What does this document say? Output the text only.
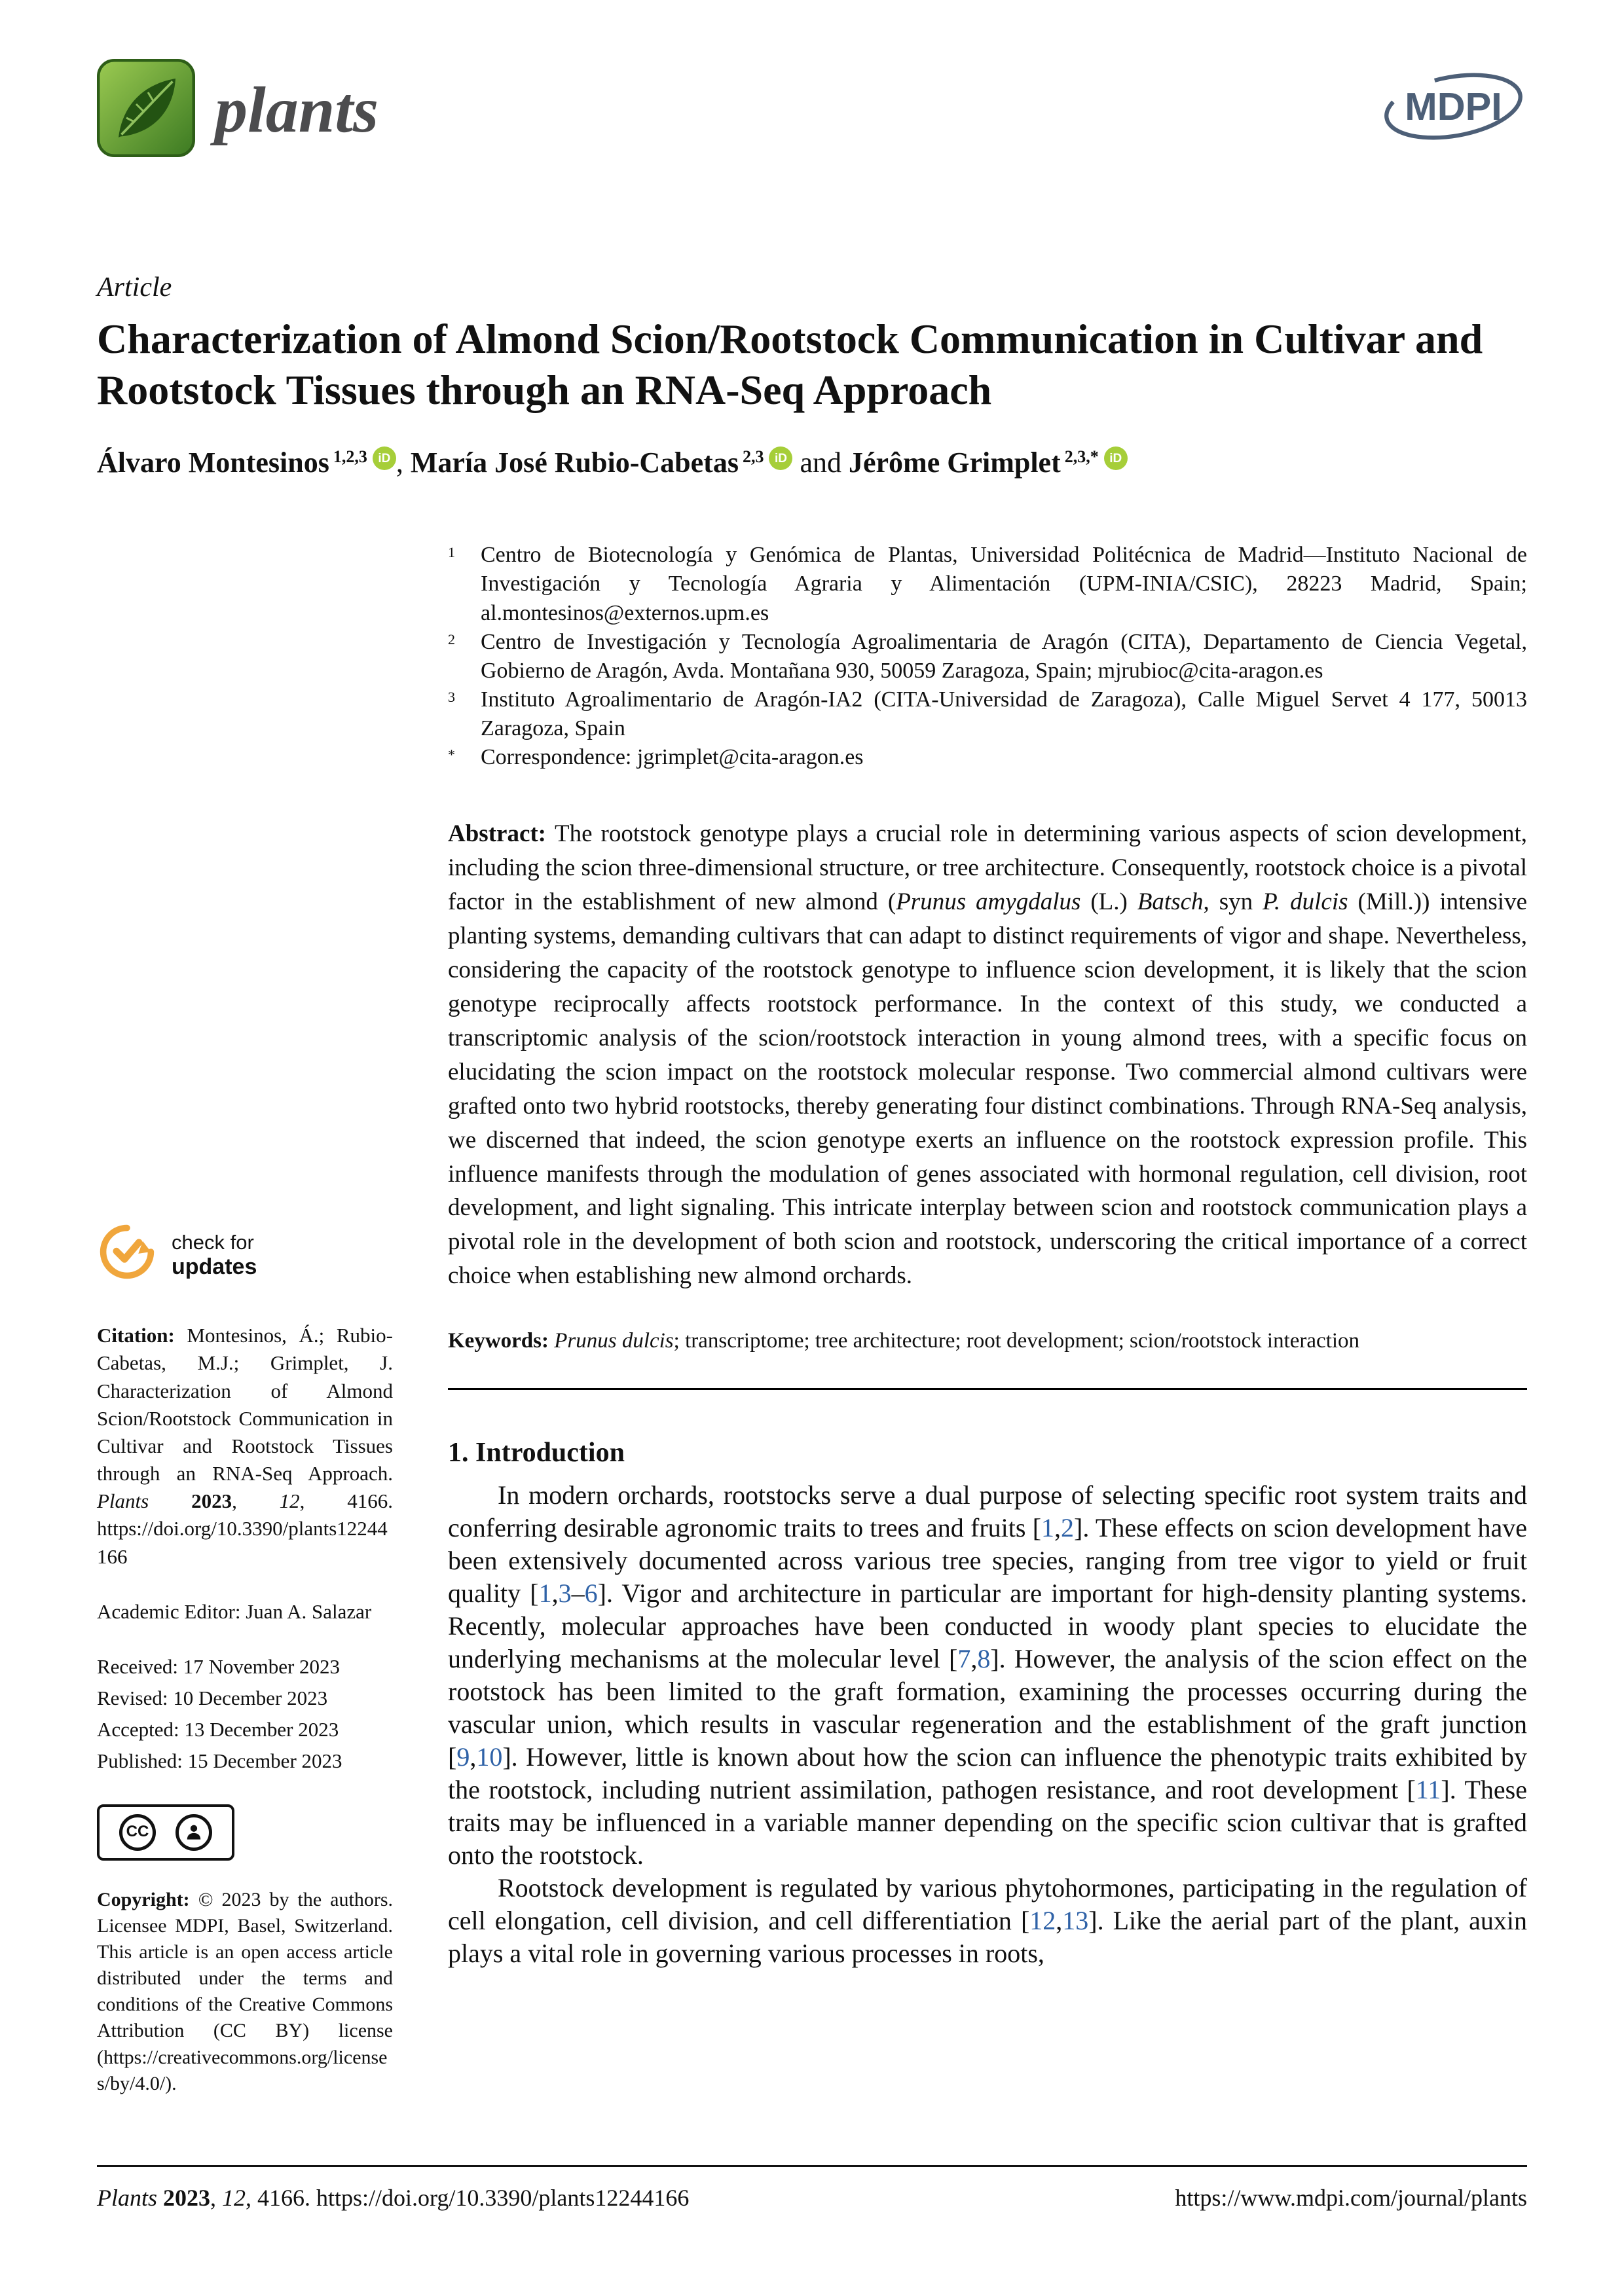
plants	MDPI
Article
Characterization of Almond Scion/Rootstock Communication in Cultivar and Rootstock Tissues through an RNA-Seq Approach
Álvaro Montesinos $^{1,2,3}$ iD , María José Rubio-Cabetas $^{2,3}$ iD and Jérôme Grimplet $^{2,3,*}$ iD
check for
updates

Citation: Montesinos, Á.; Rubio-Cabetas, M.J.; Grimplet, J. Characterization of Almond Scion/Rootstock Communication in Cultivar and Rootstock Tissues through an RNA-Seq Approach. Plants 2023, 12, 4166. https://doi.org/10.3390/plants12244166

Academic Editor: Juan A. Salazar

Received: 17 November 2023
Revised: 10 December 2023
Accepted: 13 December 2023
Published: 15 December 2023
CC

Copyright: © 2023 by the authors. Licensee MDPI, Basel, Switzerland. This article is an open access article distributed under the terms and conditions of the Creative Commons Attribution (CC BY) license (https://creativecommons.org/licenses/by/4.0/).

1	Centro de Biotecnología y Genómica de Plantas, Universidad Politécnica de Madrid—Instituto Nacional de Investigación y Tecnología Agraria y Alimentación (UPM-INIA/CSIC), 28223 Madrid, Spain; al.montesinos@externos.upm.es
2	Centro de Investigación y Tecnología Agroalimentaria de Aragón (CITA), Departamento de Ciencia Vegetal, Gobierno de Aragón, Avda. Montañana 930, 50059 Zaragoza, Spain; mjrubioc@cita-aragon.es
3	Instituto Agroalimentario de Aragón-IA2 (CITA-Universidad de Zaragoza), Calle Miguel Servet 4 177, 50013 Zaragoza, Spain
*	Correspondence: jgrimplet@cita-aragon.es

Abstract: The rootstock genotype plays a crucial role in determining various aspects of scion development, including the scion three-dimensional structure, or tree architecture. Consequently, rootstock choice is a pivotal factor in the establishment of new almond (Prunus amygdalus (L.) Batsch, syn P. dulcis (Mill.)) intensive planting systems, demanding cultivars that can adapt to distinct requirements of vigor and shape. Nevertheless, considering the capacity of the rootstock genotype to influence scion development, it is likely that the scion genotype reciprocally affects rootstock performance. In the context of this study, we conducted a transcriptomic analysis of the scion/rootstock interaction in young almond trees, with a specific focus on elucidating the scion impact on the rootstock molecular response. Two commercial almond cultivars were grafted onto two hybrid rootstocks, thereby generating four distinct combinations. Through RNA-Seq analysis, we discerned that indeed, the scion genotype exerts an influence on the rootstock expression profile. This influence manifests through the modulation of genes associated with hormonal regulation, cell division, root development, and light signaling. This intricate interplay between scion and rootstock communication plays a pivotal role in the development of both scion and rootstock, underscoring the critical importance of a correct choice when establishing new almond orchards.

Keywords: Prunus dulcis; transcriptome; tree architecture; root development; scion/rootstock interaction

1. Introduction

In modern orchards, rootstocks serve a dual purpose of selecting specific root system traits and conferring desirable agronomic traits to trees and fruits [1,2]. These effects on scion development have been extensively documented across various tree species, ranging from tree vigor to yield or fruit quality [1,3–6]. Vigor and architecture in particular are important for high-density planting systems. Recently, molecular approaches have been conducted in woody plant species to elucidate the underlying mechanisms at the molecular level [7,8]. However, the analysis of the scion effect on the rootstock has been limited to the graft formation, examining the processes occurring during the vascular union, which results in vascular regeneration and the establishment of the graft junction [9,10]. However, little is known about how the scion can influence the phenotypic traits exhibited by the rootstock, including nutrient assimilation, pathogen resistance, and root development [11]. These traits may be influenced in a variable manner depending on the specific scion cultivar that is grafted onto the rootstock.

Rootstock development is regulated by various phytohormones, participating in the regulation of cell elongation, cell division, and cell differentiation [12,13]. Like the aerial part of the plant, auxin plays a vital role in governing various processes in roots,

Plants 2023, 12, 4166. https://doi.org/10.3390/plants12244166	https://www.mdpi.com/journal/plants
